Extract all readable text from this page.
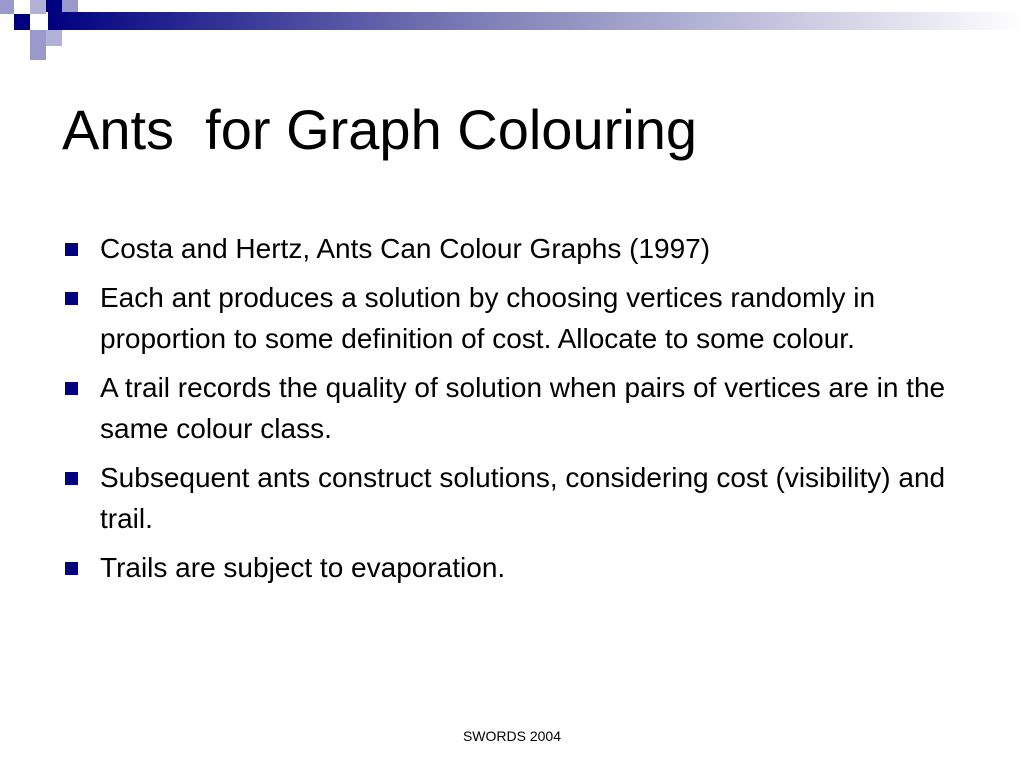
Ants  for Graph Colouring
Costa and Hertz, Ants Can Colour Graphs (1997)
Each ant produces a solution by choosing vertices randomly in proportion to some definition of cost. Allocate to some colour.
A trail records the quality of solution when pairs of vertices are in the same colour class.
Subsequent ants construct solutions, considering cost (visibility) and trail.
Trails are subject to evaporation.
SWORDS 2004
